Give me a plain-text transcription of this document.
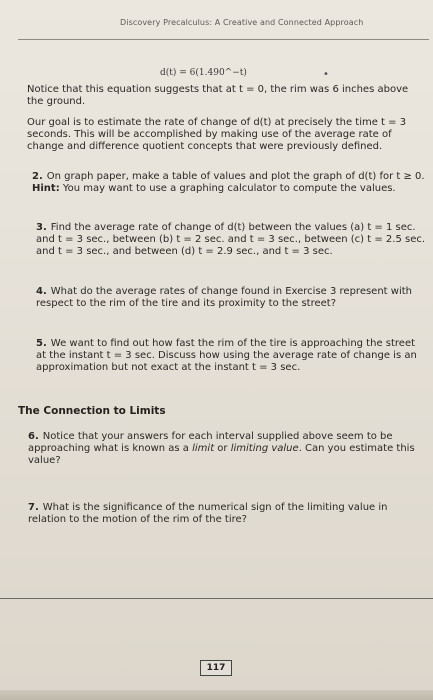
Discovery Precalculus: A Creative and Connected Approach
d(t) = 6(1.490^−t)	•
Notice that this equation suggests that at t = 0, the rim was 6 inches above the ground.
Our goal is to estimate the rate of change of d(t) at precisely the time t = 3 seconds. This will be accomplished by making use of the average rate of change and difference quotient concepts that were previously defined.
2. On graph paper, make a table of values and plot the graph of d(t) for t ≥ 0.
Hint: You may want to use a graphing calculator to compute the values.
3. Find the average rate of change of d(t) between the values (a) t = 1 sec. and t = 3 sec., between (b) t = 2 sec. and t = 3 sec., between (c) t = 2.5 sec. and t = 3 sec., and between (d) t = 2.9 sec., and t = 3 sec.
4. What do the average rates of change found in Exercise 3 represent with respect to the rim of the tire and its proximity to the street?
5. We want to find out how fast the rim of the tire is approaching the street at the instant t = 3 sec. Discuss how using the average rate of change is an approximation but not exact at the instant t = 3 sec.
The Connection to Limits
6. Notice that your answers for each interval supplied above seem to be approaching what is known as a limit or limiting value. Can you estimate this value?
7. What is the significance of the numerical sign of the limiting value in relation to the motion of the rim of the tire?
117
